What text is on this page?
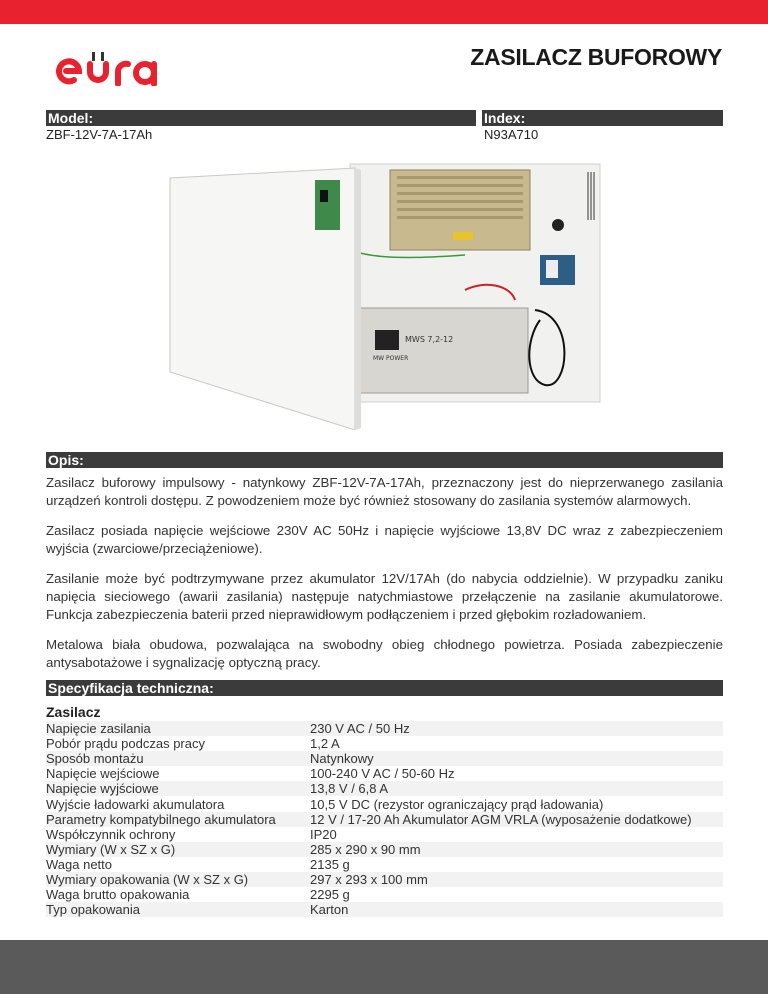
ZASILACZ BUFOROWY
Model:	Index:
ZBF-12V-7A-17Ah	N93A710
MWS 7,2-12
MW POWER
Opis:

Zasilacz buforowy impulsowy - natynkowy ZBF-12V-7A-17Ah, przeznaczony jest do nieprzerwanego zasilania urządzeń kontroli dostępu. Z powodzeniem może być również stosowany do zasilania systemów alarmowych.

Zasilacz posiada napięcie wejściowe 230V AC 50Hz i napięcie wyjściowe 13,8V DC wraz z zabezpieczeniem wyjścia (zwarciowe/przeciążeniowe).

Zasilanie może być podtrzymywane przez akumulator 12V/17Ah (do nabycia oddzielnie). W przypadku zaniku napięcia sieciowego (awarii zasilania) następuje natychmiastowe przełączenie na zasilanie akumulatorowe. Funkcja zabezpieczenia baterii przed nieprawidłowym podłączeniem i przed głębokim rozładowaniem.

Metalowa biała obudowa, pozwalająca na swobodny obieg chłodnego powietrza. Posiada zabezpieczenie antysabotażowe i sygnalizację optyczną pracy.

Specyfikacja techniczna:
Zasilacz
Napięcie zasilania	230 V AC / 50 Hz
Pobór prądu podczas pracy	1,2 A
Sposób montażu	Natynkowy
Napięcie wejściowe	100-240 V AC / 50-60 Hz
Napięcie wyjściowe	13,8 V / 6,8 A
Wyjście ładowarki akumulatora	10,5 V DC (rezystor ograniczający prąd ładowania)
Parametry kompatybilnego akumulatora	12 V / 17-20 Ah Akumulator AGM VRLA (wyposażenie dodatkowe)
Współczynnik ochrony	IP20
Wymiary (W x SZ x G)	285 x 290 x 90 mm
Waga netto	2135 g
Wymiary opakowania (W x SZ x G)	297 x 293 x 100 mm
Waga brutto opakowania	2295 g
Typ opakowania	Karton
